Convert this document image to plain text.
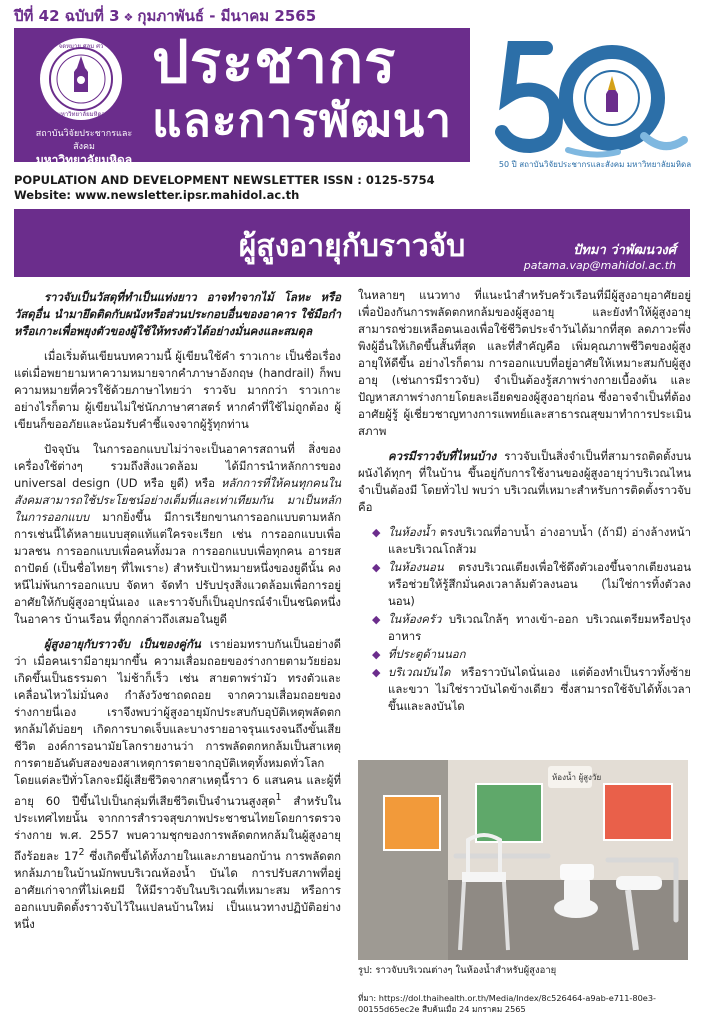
ปีที่ 42 ฉบับที่ 3 ❖ กุมภาพันธ์ - มีนาคม 2565
จดหมาย ศุลม ศว
มหาวิทยาลัยมหิดล
สถาบันวิจัยประชากรและสังคม
มหาวิทยาลัยมหิดล
ประชากร
และการพัฒนา
50 ปี สถาบันวิจัยประชากรและสังคม มหาวิทยาลัยมหิดล
POPULATION AND DEVELOPMENT NEWSLETTER ISSN : 0125-5754
Website: www.newsletter.ipsr.mahidol.ac.th
ผู้สูงอายุกับราวจับ	ปัทมา ว่าพัฒนวงศ์
patama.vap@mahidol.ac.th

ราวจับเป็นวัสดุที่ทำเป็นแท่งยาว อาจทำจากไม้ โลหะ หรือวัสดุอื่น นำมายึดติดกับผนังหรือส่วนประกอบอื่นของอาคาร ใช้มือกำหรือเกาะเพื่อพยุงตัวของผู้ใช้ให้ทรงตัวได้อย่างมั่นคงและสมดุล

เมื่อเริ่มต้นเขียนบทความนี้ ผู้เขียนใช้คำ ราวเกาะ เป็นชื่อเรื่อง แต่เมื่อพยายามหาความหมายจากคำภาษาอังกฤษ (handrail) ก็พบความหมายที่ควรใช้ด้วยภาษาไทยว่า ราวจับ มากกว่า ราวเกาะ อย่างไรก็ตาม ผู้เขียนไม่ใช่นักภาษาศาสตร์ หากคำที่ใช้ไม่ถูกต้อง ผู้เขียนก็ขออภัยและน้อมรับคำชี้แจงจากผู้รู้ทุกท่าน

ปัจจุบัน ในการออกแบบไม่ว่าจะเป็นอาคารสถานที่ สิ่งของ เครื่องใช้ต่างๆ รวมถึงสิ่งแวดล้อม ได้มีการนำหลักการของ universal design (UD หรือ ยูดี) หรือ หลักการที่ให้คนทุกคนในสังคมสามารถใช้ประโยชน์อย่างเต็มที่และเท่าเทียมกัน มาเป็นหลักในการออกแบบ มากยิ่งขึ้น มีการเรียกขานการออกแบบตามหลักการเช่นนี้ได้หลายแบบสุดแท้แต่ใครจะเรียก เช่น การออกแบบเพื่อมวลชน การออกแบบเพื่อคนทั้งมวล การออกแบบเพื่อทุกคน อารยสถาปัตย์ (เป็นชื่อไทยๆ ที่ไพเราะ) สำหรับเป้าหมายหนึ่งของยูดีนั้น คงหนีไม่พ้นการออกแบบ จัดหา จัดทำ ปรับปรุงสิ่งแวดล้อมเพื่อการอยู่อาศัยให้กับผู้สูงอายุนั่นเอง และราวจับก็เป็นอุปกรณ์จำเป็นชนิดหนึ่งในอาคาร บ้านเรือน ที่ถูกกล่าวถึงเสมอในยูดี

ผู้สูงอายุกับราวจับ เป็นของคู่กัน เราย่อมทราบกันเป็นอย่างดีว่า เมื่อคนเรามีอายุมากขึ้น ความเสื่อมถอยของร่างกายตามวัยย่อมเกิดขึ้นเป็นธรรมดา ไม่ช้าก็เร็ว เช่น สายตาพร่ามัว ทรงตัวและเคลื่อนไหวไม่มั่นคง กำลังวังชาถดถอย จากความเสื่อมถอยของร่างกายนี่เอง เราจึงพบว่าผู้สูงอายุมักประสบกับอุบัติเหตุพลัดตกหกล้มได้บ่อยๆ เกิดการบาดเจ็บและบางรายอาจรุนแรงจนถึงขั้นเสียชีวิต องค์การอนามัยโลกรายงานว่า การพลัดตกหกล้มเป็นสาเหตุการตายอันดับสองของสาเหตุการตายจากอุบัติเหตุทั้งหมดทั่วโลก โดยแต่ละปีทั่วโลกจะมีผู้เสียชีวิตจากสาเหตุนี้ราว 6 แสนคน และผู้ที่อายุ 60 ปีขึ้นไปเป็นกลุ่มที่เสียชีวิตเป็นจำนวนสูงสุด$^1$ สำหรับในประเทศไทยนั้น จากการสำรวจสุขภาพประชาชนไทยโดยการตรวจร่างกาย พ.ศ. 2557 พบความชุกของการพลัดตกหกล้มในผู้สูงอายุ ถึงร้อยละ $17^2$ ซึ่งเกิดขึ้นได้ทั้งภายในและภายนอกบ้าน การพลัดตกหกล้มภายในบ้านมักพบบริเวณห้องน้ำ บันได การปรับสภาพที่อยู่อาศัยเก่าจากที่ไม่เคยมี ให้มีราวจับในบริเวณที่เหมาะสม หรือการออกแบบติดตั้งราวจับไว้ในแปลนบ้านใหม่ เป็นแนวทางปฏิบัติอย่างหนึ่ง

ในหลายๆ แนวทาง ที่แนะนำสำหรับครัวเรือนที่มีผู้สูงอายุอาศัยอยู่ เพื่อป้องกันการพลัดตกหกล้มของผู้สูงอายุ และยังทำให้ผู้สูงอายุสามารถช่วยเหลือตนเองเพื่อใช้ชีวิตประจำวันได้มากที่สุด ลดภาวะพึ่งพิงผู้อื่นให้เกิดขึ้นสั้นที่สุด และที่สำคัญคือ เพิ่มคุณภาพชีวิตของผู้สูงอายุให้ดีขึ้น อย่างไรก็ตาม การออกแบบที่อยู่อาศัยให้เหมาะสมกับผู้สูงอายุ (เช่นการมีราวจับ) จำเป็นต้องรู้สภาพร่างกายเบื้องต้น และปัญหาสภาพร่างกายโดยละเอียดของผู้สูงอายุก่อน ซึ่งอาจจำเป็นที่ต้องอาศัยผู้รู้ ผู้เชี่ยวชาญทางการแพทย์และสาธารณสุขมาทำการประเมินสภาพ

ควรมีราวจับที่ไหนบ้าง ราวจับเป็นสิ่งจำเป็นที่สามารถติดตั้งบนผนังได้ทุกๆ ที่ในบ้าน ขึ้นอยู่กับการใช้งานของผู้สูงอายุว่าบริเวณไหนจำเป็นต้องมี โดยทั่วไป พบว่า บริเวณที่เหมาะสำหรับการติดตั้งราวจับ คือ

◆ ในห้องน้ำ ตรงบริเวณที่อาบน้ำ อ่างอาบน้ำ (ถ้ามี) อ่างล้างหน้า และบริเวณโถส้วม
◆ ในห้องนอน ตรงบริเวณเตียงเพื่อใช้ดึงตัวเองขึ้นจากเตียงนอน หรือช่วยให้รู้สึกมั่นคงเวลาล้มตัวลงนอน (ไม่ใช่การทิ้งตัวลงนอน)
◆ ในห้องครัว บริเวณใกล้ๆ ทางเข้า-ออก บริเวณเตรียมหรือปรุงอาหาร
◆ ที่ประตูด้านนอก
◆ บริเวณบันได หรือราวบันไดนั่นเอง แต่ต้องทำเป็นราวทั้งซ้ายและขวา ไม่ใช่ราวบันไดข้างเดียว ซึ่งสามารถใช้จับได้ทั้งเวลาขึ้นและลงบันได
ห้องน้ำ ผู้สูงวัย
รูป: ราวจับบริเวณต่างๆ ในห้องน้ำสำหรับผู้สูงอายุ
ที่มา: https://dol.thaihealth.or.th/Media/Index/8c526464-a9ab-e711-80e3-00155d65ec2e สืบค้นเมื่อ 24 มกราคม 2565
